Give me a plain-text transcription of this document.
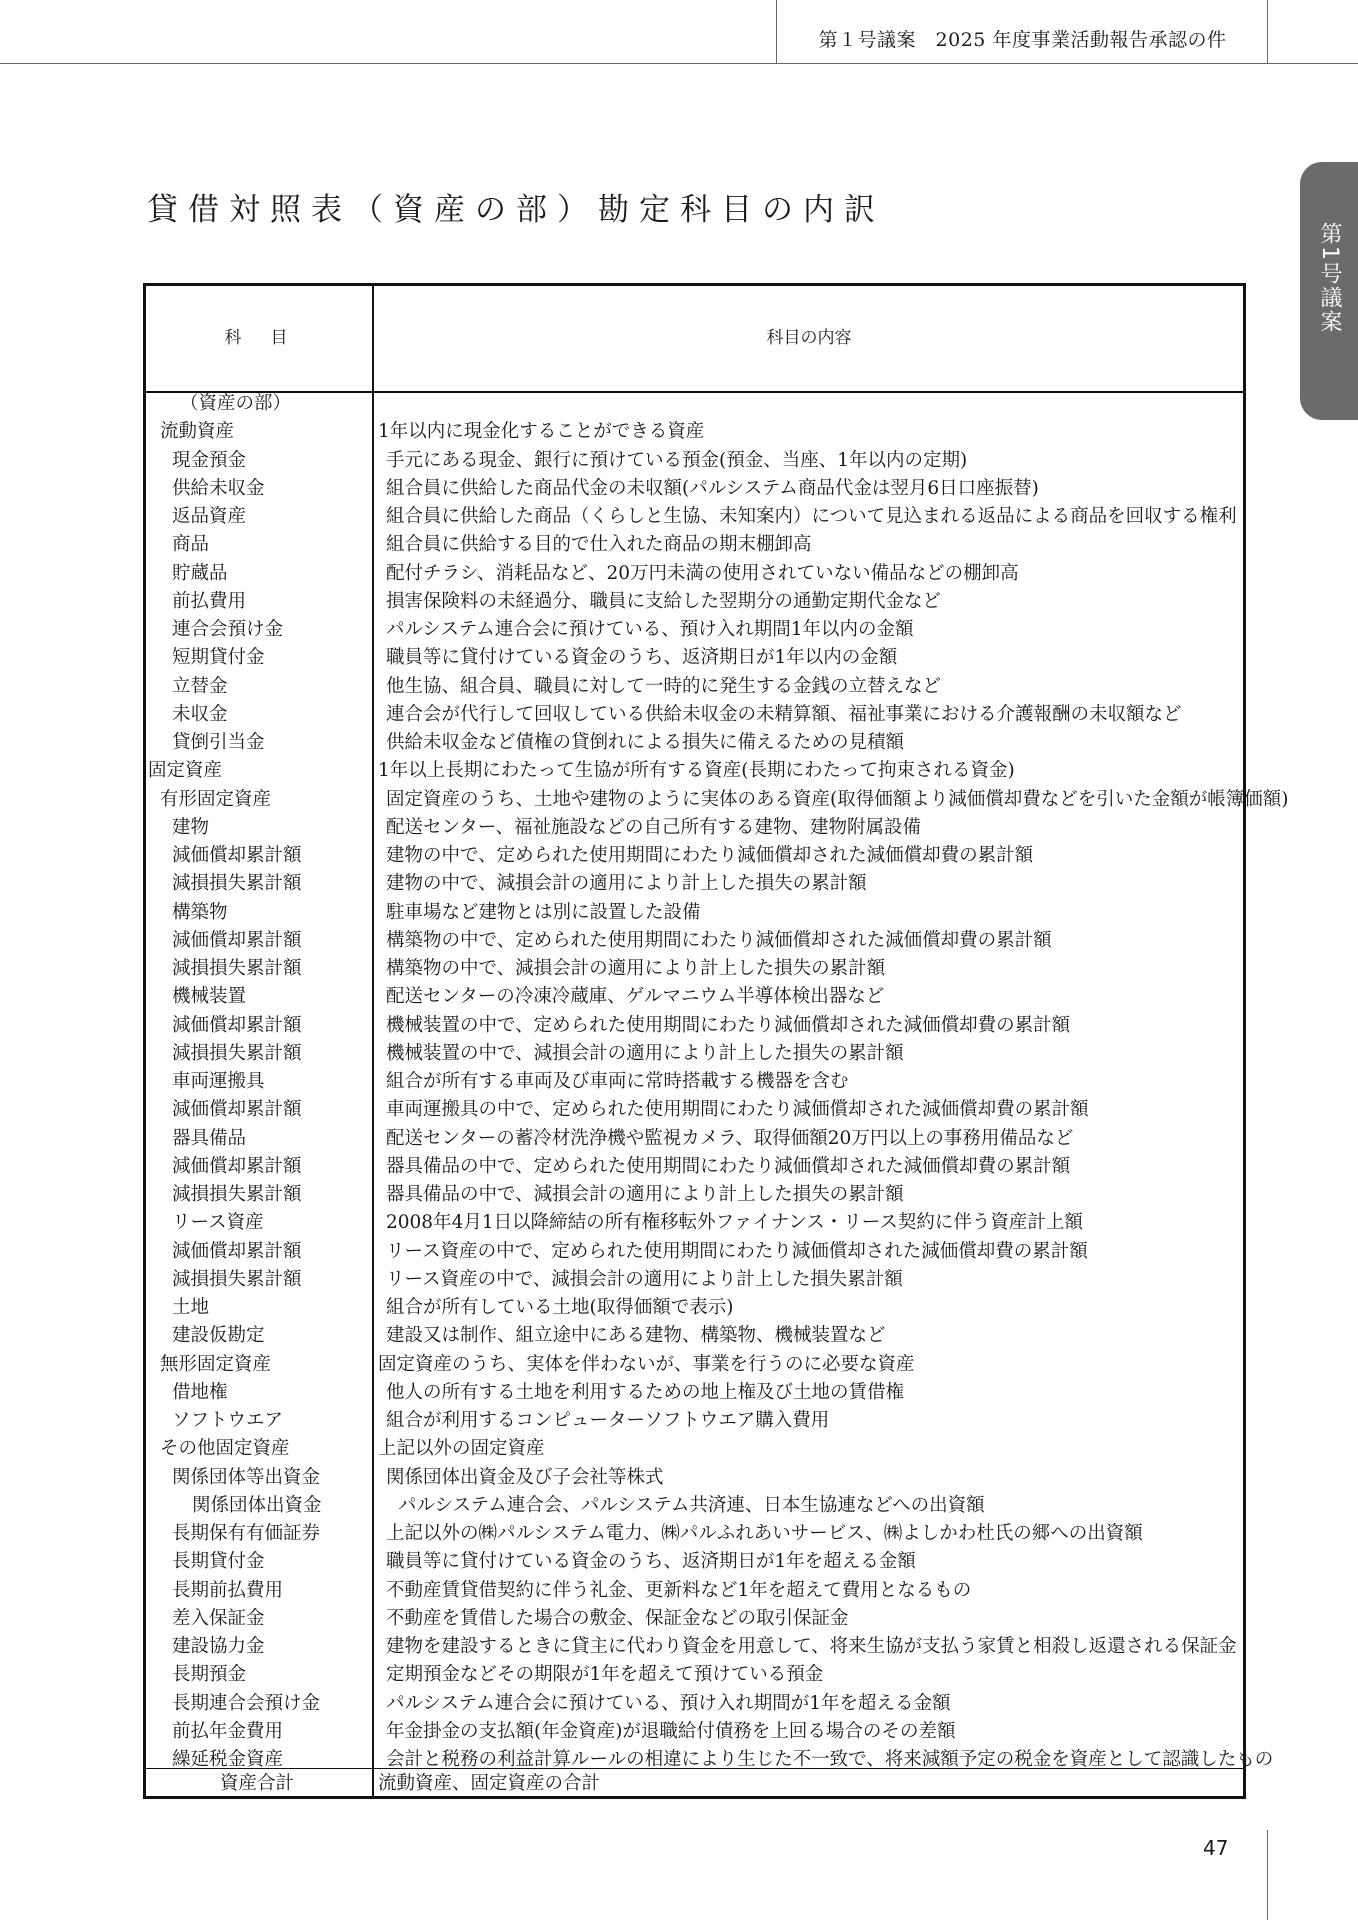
第１号議案　2025 年度事業活動報告承認の件
貸借対照表（資産の部）勘定科目の内訳
第1号議案
科　目	科目の内容
（資産の部）
流動資産	1年以内に現金化することができる資産
現金預金	手元にある現金、銀行に預けている預金(預金、当座、1年以内の定期)
供給未収金	組合員に供給した商品代金の未収額(パルシステム商品代金は翌月6日口座振替)
返品資産	組合員に供給した商品（くらしと生協、未知案内）について見込まれる返品による商品を回収する権利
商品	組合員に供給する目的で仕入れた商品の期末棚卸高
貯蔵品	配付チラシ、消耗品など、20万円未満の使用されていない備品などの棚卸高
前払費用	損害保険料の未経過分、職員に支給した翌期分の通勤定期代金など
連合会預け金	パルシステム連合会に預けている、預け入れ期間1年以内の金額
短期貸付金	職員等に貸付けている資金のうち、返済期日が1年以内の金額
立替金	他生協、組合員、職員に対して一時的に発生する金銭の立替えなど
未収金	連合会が代行して回収している供給未収金の未精算額、福祉事業における介護報酬の未収額など
貸倒引当金	供給未収金など債権の貸倒れによる損失に備えるための見積額
固定資産	1年以上長期にわたって生協が所有する資産(長期にわたって拘束される資金)
有形固定資産	固定資産のうち、土地や建物のように実体のある資産(取得価額より減価償却費などを引いた金額が帳簿価額)
建物	配送センター、福祉施設などの自己所有する建物、建物附属設備
減価償却累計額	建物の中で、定められた使用期間にわたり減価償却された減価償却費の累計額
減損損失累計額	建物の中で、減損会計の適用により計上した損失の累計額
構築物	駐車場など建物とは別に設置した設備
減価償却累計額	構築物の中で、定められた使用期間にわたり減価償却された減価償却費の累計額
減損損失累計額	構築物の中で、減損会計の適用により計上した損失の累計額
機械装置	配送センターの冷凍冷蔵庫、ゲルマニウム半導体検出器など
減価償却累計額	機械装置の中で、定められた使用期間にわたり減価償却された減価償却費の累計額
減損損失累計額	機械装置の中で、減損会計の適用により計上した損失の累計額
車両運搬具	組合が所有する車両及び車両に常時搭載する機器を含む
減価償却累計額	車両運搬具の中で、定められた使用期間にわたり減価償却された減価償却費の累計額
器具備品	配送センターの蓄冷材洗浄機や監視カメラ、取得価額20万円以上の事務用備品など
減価償却累計額	器具備品の中で、定められた使用期間にわたり減価償却された減価償却費の累計額
減損損失累計額	器具備品の中で、減損会計の適用により計上した損失の累計額
リース資産	2008年4月1日以降締結の所有権移転外ファイナンス・リース契約に伴う資産計上額
減価償却累計額	リース資産の中で、定められた使用期間にわたり減価償却された減価償却費の累計額
減損損失累計額	リース資産の中で、減損会計の適用により計上した損失累計額
土地	組合が所有している土地(取得価額で表示)
建設仮勘定	建設又は制作、組立途中にある建物、構築物、機械装置など
無形固定資産	固定資産のうち、実体を伴わないが、事業を行うのに必要な資産
借地権	他人の所有する土地を利用するための地上権及び土地の賃借権
ソフトウエア	組合が利用するコンピューターソフトウエア購入費用
その他固定資産	上記以外の固定資産
関係団体等出資金	関係団体出資金及び子会社等株式
関係団体出資金	パルシステム連合会、パルシステム共済連、日本生協連などへの出資額
長期保有有価証券	上記以外の㈱パルシステム電力、㈱パルふれあいサービス、㈱よしかわ杜氏の郷への出資額
長期貸付金	職員等に貸付けている資金のうち、返済期日が1年を超える金額
長期前払費用	不動産賃貸借契約に伴う礼金、更新料など1年を超えて費用となるもの
差入保証金	不動産を賃借した場合の敷金、保証金などの取引保証金
建設協力金	建物を建設するときに貸主に代わり資金を用意して、将来生協が支払う家賃と相殺し返還される保証金
長期預金	定期預金などその期限が1年を超えて預けている預金
長期連合会預け金	パルシステム連合会に預けている、預け入れ期間が1年を超える金額
前払年金費用	年金掛金の支払額(年金資産)が退職給付債務を上回る場合のその差額
繰延税金資産	会計と税務の利益計算ルールの相違により生じた不一致で、将来減額予定の税金を資産として認識したもの
資産合計	流動資産、固定資産の合計
47
